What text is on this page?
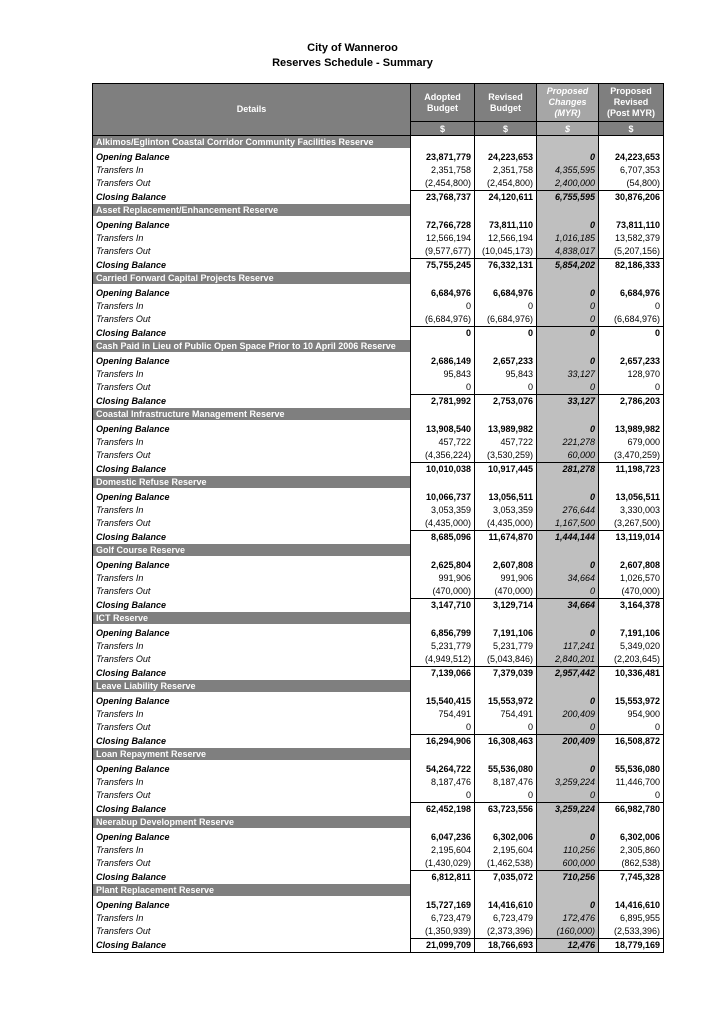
City of Wanneroo
Reserves Schedule - Summary
Details	Adopted Budget	Revised Budget	Proposed Changes (MYR)	Proposed Revised (Post MYR)
	$	$	$	$
Alkimos/Eglinton Coastal Corridor Community Facilities Reserve				
Opening Balance	23,871,779	24,223,653	0	24,223,653
Transfers In	2,351,758	2,351,758	4,355,595	6,707,353
Transfers Out	(2,454,800)	(2,454,800)	2,400,000	(54,800)
Closing Balance	23,768,737	24,120,611	6,755,595	30,876,206
Asset Replacement/Enhancement Reserve				
Opening Balance	72,766,728	73,811,110	0	73,811,110
Transfers In	12,566,194	12,566,194	1,016,185	13,582,379
Transfers Out	(9,577,677)	(10,045,173)	4,838,017	(5,207,156)
Closing Balance	75,755,245	76,332,131	5,854,202	82,186,333
Carried Forward Capital Projects Reserve				
Opening Balance	6,684,976	6,684,976	0	6,684,976
Transfers In	0	0	0	0
Transfers Out	(6,684,976)	(6,684,976)	0	(6,684,976)
Closing Balance	0	0	0	0
Cash Paid in Lieu of Public Open Space Prior to 10 April 2006 Reserve				
Opening Balance	2,686,149	2,657,233	0	2,657,233
Transfers In	95,843	95,843	33,127	128,970
Transfers Out	0	0	0	0
Closing Balance	2,781,992	2,753,076	33,127	2,786,203
Coastal Infrastructure Management Reserve				
Opening Balance	13,908,540	13,989,982	0	13,989,982
Transfers In	457,722	457,722	221,278	679,000
Transfers Out	(4,356,224)	(3,530,259)	60,000	(3,470,259)
Closing Balance	10,010,038	10,917,445	281,278	11,198,723
Domestic Refuse Reserve				
Opening Balance	10,066,737	13,056,511	0	13,056,511
Transfers In	3,053,359	3,053,359	276,644	3,330,003
Transfers Out	(4,435,000)	(4,435,000)	1,167,500	(3,267,500)
Closing Balance	8,685,096	11,674,870	1,444,144	13,119,014
Golf Course Reserve				
Opening Balance	2,625,804	2,607,808	0	2,607,808
Transfers In	991,906	991,906	34,664	1,026,570
Transfers Out	(470,000)	(470,000)	0	(470,000)
Closing Balance	3,147,710	3,129,714	34,664	3,164,378
ICT Reserve				
Opening Balance	6,856,799	7,191,106	0	7,191,106
Transfers In	5,231,779	5,231,779	117,241	5,349,020
Transfers Out	(4,949,512)	(5,043,846)	2,840,201	(2,203,645)
Closing Balance	7,139,066	7,379,039	2,957,442	10,336,481
Leave Liability Reserve				
Opening Balance	15,540,415	15,553,972	0	15,553,972
Transfers In	754,491	754,491	200,409	954,900
Transfers Out	0	0	0	0
Closing Balance	16,294,906	16,308,463	200,409	16,508,872
Loan Repayment Reserve				
Opening Balance	54,264,722	55,536,080	0	55,536,080
Transfers In	8,187,476	8,187,476	3,259,224	11,446,700
Transfers Out	0	0	0	0
Closing Balance	62,452,198	63,723,556	3,259,224	66,982,780
Neerabup Development Reserve				
Opening Balance	6,047,236	6,302,006	0	6,302,006
Transfers In	2,195,604	2,195,604	110,256	2,305,860
Transfers Out	(1,430,029)	(1,462,538)	600,000	(862,538)
Closing Balance	6,812,811	7,035,072	710,256	7,745,328
Plant Replacement Reserve				
Opening Balance	15,727,169	14,416,610	0	14,416,610
Transfers In	6,723,479	6,723,479	172,476	6,895,955
Transfers Out	(1,350,939)	(2,373,396)	(160,000)	(2,533,396)
Closing Balance	21,099,709	18,766,693	12,476	18,779,169
